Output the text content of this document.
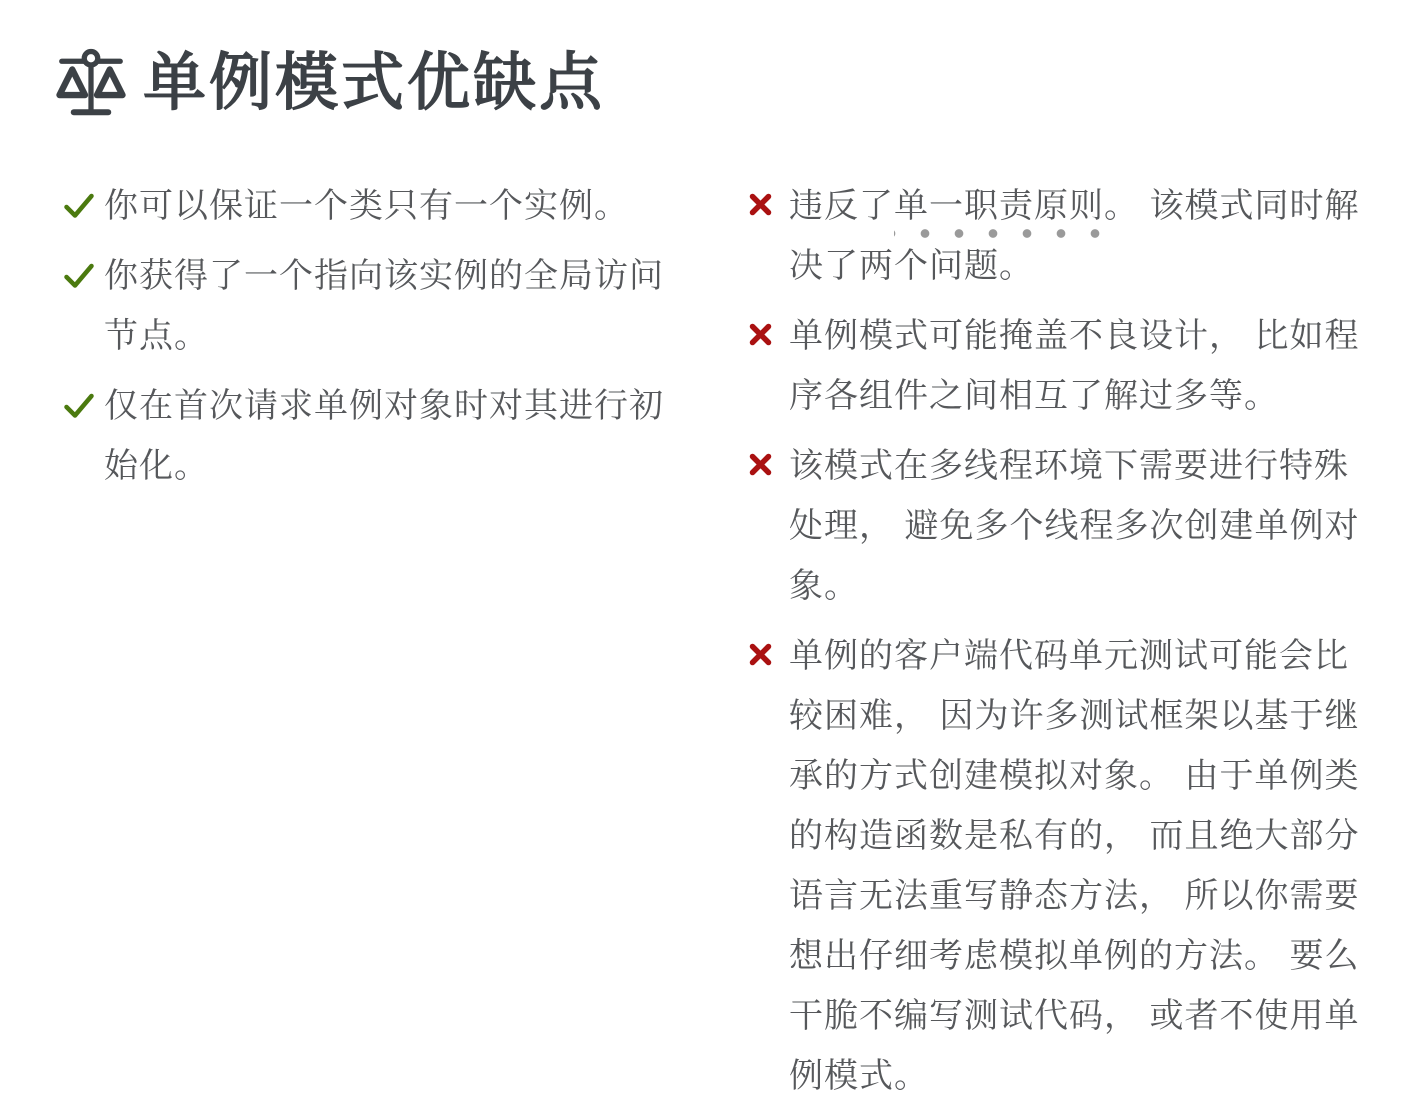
单例模式优缺点
你可以保证一个类只有一个实例。
你获得了一个指向该实例的全局访问节点。
仅在首次请求单例对象时对其进行初始化。
违反了单一职责原则。 该模式同时解决了两个问题。
单例模式可能掩盖不良设计， 比如程序各组件之间相互了解过多等。
该模式在多线程环境下需要进行特殊处理， 避免多个线程多次创建单例对象。
单例的客户端代码单元测试可能会比较困难， 因为许多测试框架以基于继承的方式创建模拟对象。 由于单例类的构造函数是私有的， 而且绝大部分语言无法重写静态方法， 所以你需要想出仔细考虑模拟单例的方法。 要么干脆不编写测试代码， 或者不使用单例模式。
